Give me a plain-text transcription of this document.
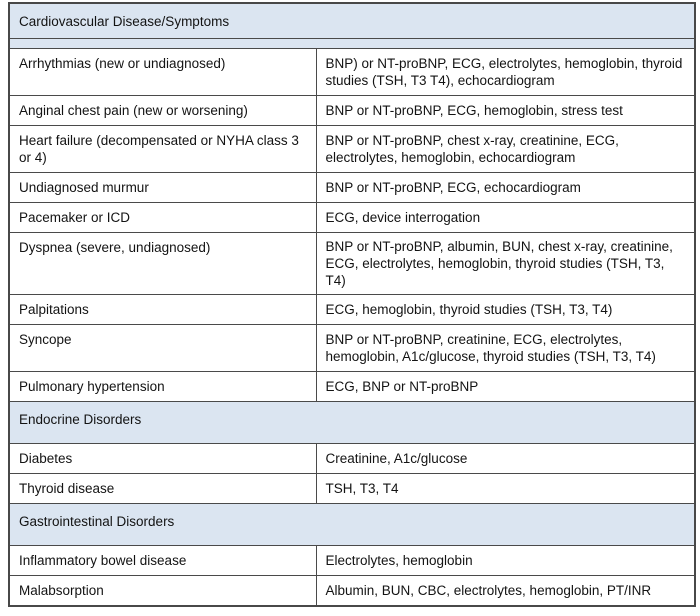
Cardiovascular Disease/Symptoms	

Arrhythmias (new or undiagnosed)	BNP) or NT-proBNP, ECG, electrolytes, hemoglobin, thyroid studies (TSH, T3 T4), echocardiogram
Anginal chest pain (new or worsening)	BNP or NT-proBNP, ECG, hemoglobin, stress test
Heart failure (decompensated or NYHA class 3 or 4)	BNP or NT-proBNP, chest x-ray, creatinine, ECG, electrolytes, hemoglobin, echocardiogram
Undiagnosed murmur	BNP or NT-proBNP, ECG, echocardiogram
Pacemaker or ICD	ECG, device interrogation
Dyspnea (severe, undiagnosed)	BNP or NT-proBNP, albumin, BUN, chest x-ray, creatinine, ECG, electrolytes, hemoglobin, thyroid studies (TSH, T3, T4)
Palpitations	ECG, hemoglobin, thyroid studies (TSH, T3, T4)
Syncope	BNP or NT-proBNP, creatinine, ECG, electrolytes, hemoglobin, A1c/glucose, thyroid studies (TSH, T3, T4)
Pulmonary hypertension	ECG, BNP or NT-proBNP
Endocrine Disorders	
Diabetes	Creatinine, A1c/glucose
Thyroid disease	TSH, T3, T4
Gastrointestinal Disorders	
Inflammatory bowel disease	Electrolytes, hemoglobin
Malabsorption	Albumin, BUN, CBC, electrolytes, hemoglobin, PT/INR
